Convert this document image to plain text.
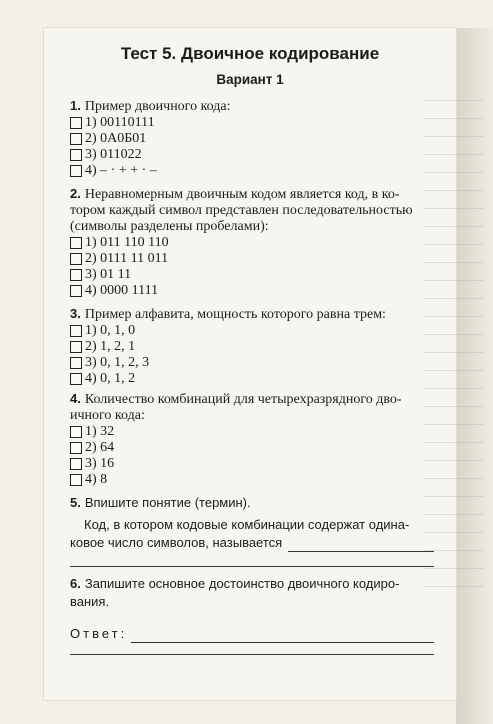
Тест 5. Двоичное кодирование
Вариант 1
1. Пример двоичного кода:
1) 00110111
2) 0A0Б01
3) 011022
4) – · + + · –
2. Неравномерным двоичным кодом является код, в ко-
тором каждый символ представлен последовательностью
(символы разделены пробелами):
1) 011 110 110
2) 0111 11 011
3) 01 11
4) 0000 1111
3. Пример алфавита, мощность которого равна трем:
1) 0, 1, 0
2) 1, 2, 1
3) 0, 1, 2, 3
4) 0, 1, 2
4. Количество комбинаций для четырехразрядного дво-
ичного кода:
1) 32
2) 64
3) 16
4) 8
5. Впишите понятие (термин).
Код, в котором кодовые комбинации содержат одина-
ковое число символов, называется
6. Запишите основное достоинство двоичного кодиро-
вания.
Ответ:
